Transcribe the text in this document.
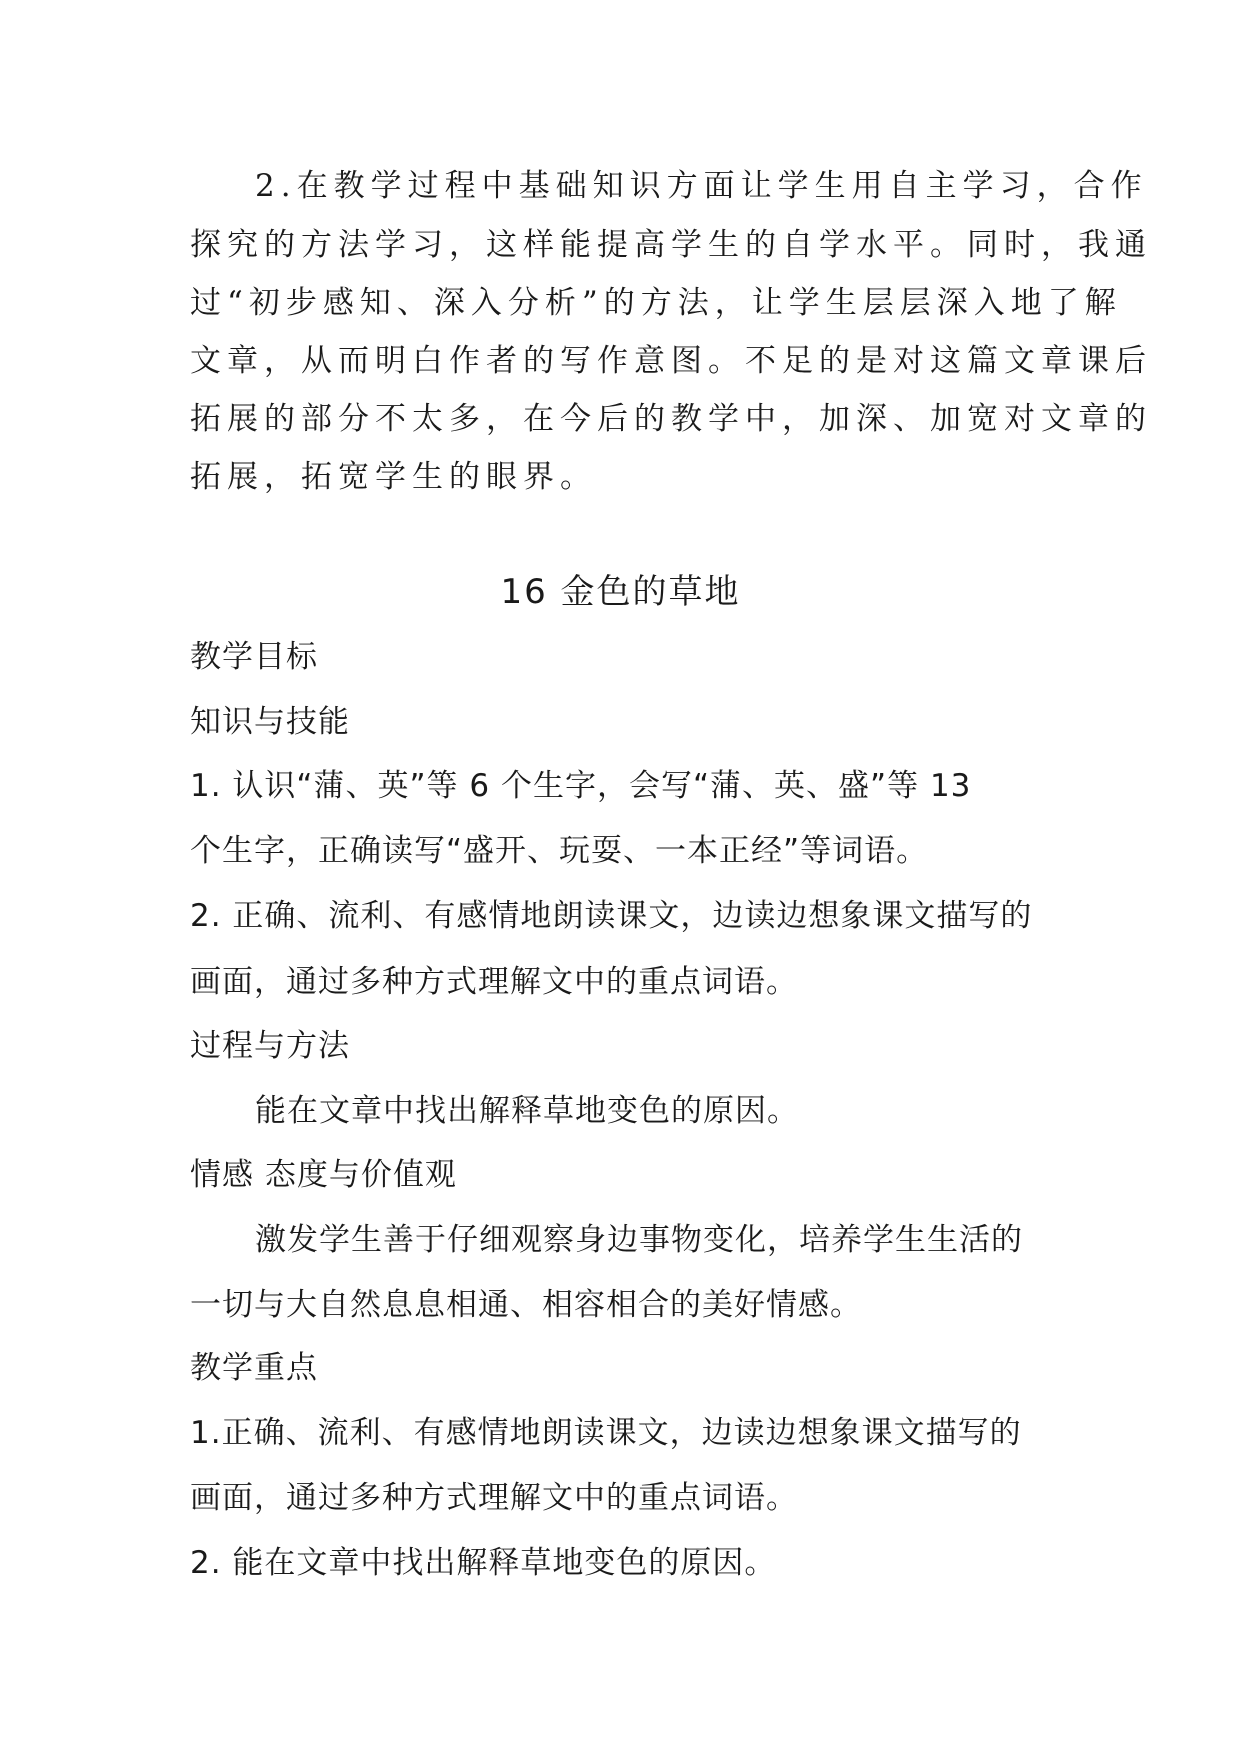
2.在教学过程中基础知识方面让学生用自主学习，合作
探究的方法学习，这样能提高学生的自学水平。同时，我通
过“初步感知、深入分析”的方法，让学生层层深入地了解
文章，从而明白作者的写作意图。不足的是对这篇文章课后
拓展的部分不太多，在今后的教学中，加深、加宽对文章的
拓展，拓宽学生的眼界。
16 金色的草地
教学目标
知识与技能
1. 认识“蒲、英”等 6 个生字，会写“蒲、英、盛”等 13
个生字，正确读写“盛开、玩耍、一本正经”等词语。
2. 正确、流利、有感情地朗读课文，边读边想象课文描写的
画面，通过多种方式理解文中的重点词语。
过程与方法
能在文章中找出解释草地变色的原因。
情感 态度与价值观
激发学生善于仔细观察身边事物变化，培养学生生活的
一切与大自然息息相通、相容相合的美好情感。
教学重点
1.正确、流利、有感情地朗读课文，边读边想象课文描写的
画面，通过多种方式理解文中的重点词语。
2. 能在文章中找出解释草地变色的原因。
